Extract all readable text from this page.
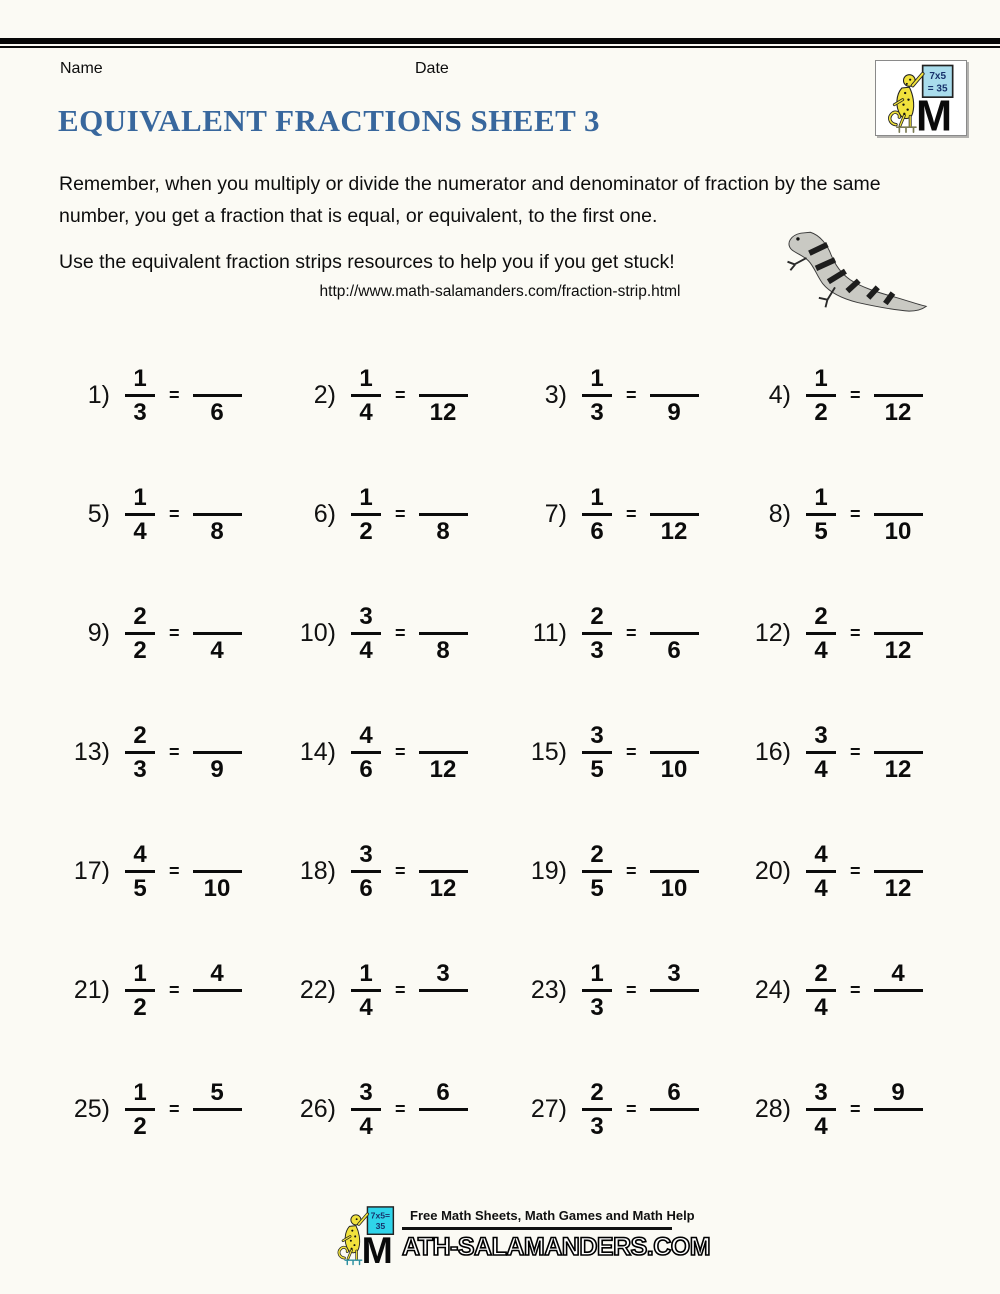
Name	Date	7x5
= 35
M
EQUIVALENT FRACTIONS SHEET 3

Remember, when you multiply or divide the numerator and denominator of fraction by the same number, you get a fraction that is equal, or equivalent, to the first one.

Use the equivalent fraction strips resources to help you if you get stuck!

http://www.math-salamanders.com/fraction-strip.html

$1) \frac{1}{3}$ =
6
$2) \frac{1}{4}$ =
12
$3) \frac{1}{3}$ =
9
$4) \frac{1}{2}$ =
12
$5) \frac{1}{4}$ =
8
$6) \frac{1}{2}$ =
8
$7) \frac{1}{6}$ =
12
$8) \frac{1}{5}$ =
10
$9) \frac{2}{2}$ =
4
$10) \frac{3}{4}$ =
8
$11) \frac{2}{3}$ =
6
$12) \frac{2}{4}$ =
12
$13) \frac{2}{3}$ =
9
$14) \frac{4}{6}$ =
12
$15) \frac{3}{5}$ =
10
$16) \frac{3}{4}$ =
12
$17) \frac{4}{5}$ =
10
$18) \frac{3}{6}$ =
12
$19) \frac{2}{5}$ =
10
$20) \frac{4}{4}$ =
12
$21) \frac{1}{2}$ =
4
$22) \frac{1}{4}$ =
3
$23) \frac{1}{3}$ =
3
$24) \frac{2}{4}$ =
4
$25) \frac{1}{2}$ =
5
$26) \frac{3}{4}$ =
6
$27) \frac{2}{3}$ =
6
$28) \frac{3}{4}$ =
9
7x5=
35
M
Free Math Sheets, Math Games and Math Help
ATH-SALAMANDERS.COM
